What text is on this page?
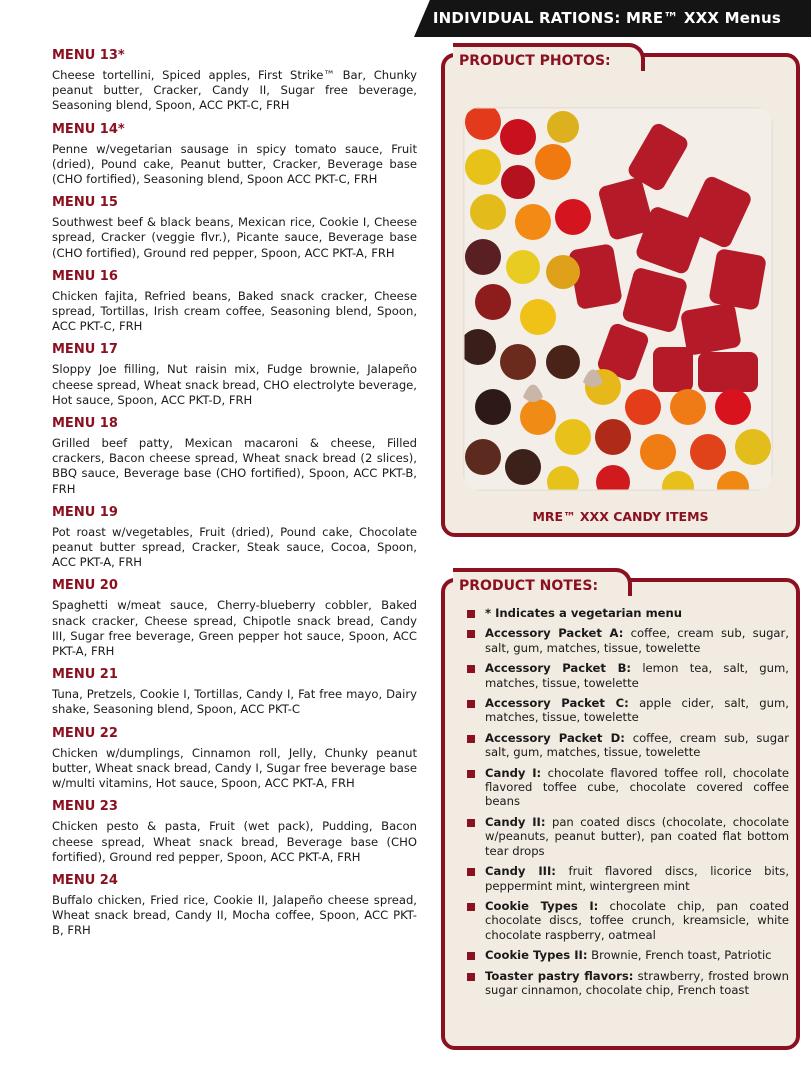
INDIVIDUAL RATIONS: MRE™ XXX Menus
MENU 13*
Cheese tortellini, Spiced apples, First Strike™ Bar, Chunky peanut butter, Cracker, Candy II, Sugar free beverage, Seasoning blend, Spoon, ACC PKT-C, FRH
MENU 14*
Penne w/vegetarian sausage in spicy tomato sauce, Fruit (dried), Pound cake, Peanut butter, Cracker, Beverage base (CHO fortified), Seasoning blend, Spoon ACC PKT-C, FRH
MENU 15
Southwest beef & black beans, Mexican rice, Cookie I, Cheese spread, Cracker (veggie flvr.), Picante sauce, Beverage base (CHO fortified), Ground red pepper, Spoon, ACC PKT-A, FRH
MENU 16
Chicken fajita, Refried beans, Baked snack cracker, Cheese spread, Tortillas, Irish cream coffee, Seasoning blend, Spoon, ACC PKT-C, FRH
MENU 17
Sloppy Joe filling, Nut raisin mix, Fudge brownie, Jalapeño cheese spread, Wheat snack bread, CHO electrolyte beverage, Hot sauce, Spoon, ACC PKT-D, FRH
MENU 18
Grilled beef patty, Mexican macaroni & cheese, Filled crackers, Bacon cheese spread, Wheat snack bread (2 slices), BBQ sauce, Beverage base (CHO fortified), Spoon, ACC PKT-B, FRH
MENU 19
Pot roast w/vegetables, Fruit (dried), Pound cake, Chocolate peanut butter spread, Cracker, Steak sauce, Cocoa, Spoon, ACC PKT-A, FRH
MENU 20
Spaghetti w/meat sauce, Cherry-blueberry cobbler, Baked snack cracker, Cheese spread, Chipotle snack bread, Candy III, Sugar free beverage, Green pepper hot sauce, Spoon, ACC PKT-A, FRH
MENU 21
Tuna, Pretzels, Cookie I, Tortillas, Candy I, Fat free mayo, Dairy shake, Seasoning blend, Spoon, ACC PKT-C
MENU 22
Chicken w/dumplings, Cinnamon roll, Jelly, Chunky peanut butter, Wheat snack bread, Candy I, Sugar free beverage base w/multi vitamins, Hot sauce, Spoon, ACC PKT-A, FRH
MENU 23
Chicken pesto & pasta, Fruit (wet pack), Pudding, Bacon cheese spread, Wheat snack bread, Beverage base (CHO fortified), Ground red pepper, Spoon, ACC PKT-A, FRH
MENU 24
Buffalo chicken, Fried rice, Cookie II, Jalapeño cheese spread, Wheat snack bread, Candy II, Mocha coffee, Spoon, ACC PKT-B, FRH
PRODUCT PHOTOS:
MRE™ XXX CANDY ITEMS
PRODUCT NOTES:
* Indicates a vegetarian menu
Accessory Packet A: coffee, cream sub, sugar, salt, gum, matches, tissue, towelette
Accessory Packet B: lemon tea, salt, gum, matches, tissue, towelette
Accessory Packet C: apple cider, salt, gum, matches, tissue, towelette
Accessory Packet D: coffee, cream sub, sugar salt, gum, matches, tissue, towelette
Candy I: chocolate flavored toffee roll, chocolate flavored toffee cube, chocolate covered coffee beans
Candy II: pan coated discs (chocolate, chocolate w/peanuts, peanut butter), pan coated flat bottom tear drops
Candy III: fruit flavored discs, licorice bits, peppermint mint, wintergreen mint
Cookie Types I: chocolate chip, pan coated chocolate discs, toffee crunch, kreamsicle, white chocolate raspberry, oatmeal
Cookie Types II: Brownie, French toast, Patriotic
Toaster pastry flavors: strawberry, frosted brown sugar cinnamon, chocolate chip, French toast
